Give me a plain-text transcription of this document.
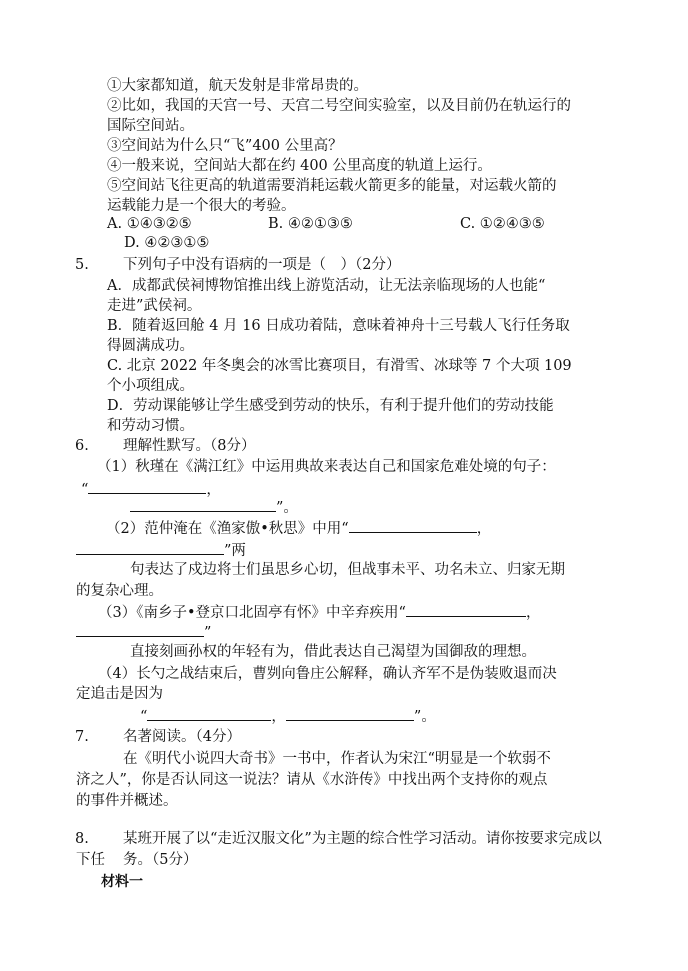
①大家都知道，航天发射是非常昂贵的。
②比如，我国的天宫一号、天宫二号空间实验室，以及目前仍在轨运行的
国际空间站。
③空间站为什么只“飞”400 公里高？
④一般来说，空间站大都在约 400 公里高度的轨道上运行。
⑤空间站飞往更高的轨道需要消耗运载火箭更多的能量，对运载火箭的
运载能力是一个很大的考验。
A. ①④③②⑤	B. ④②①③⑤	C. ①②④③⑤
D. ④②③①⑤
5. 下列句子中没有语病的一项是（　）（2分）
A．成都武侯祠博物馆推出线上游览活动，让无法亲临现场的人也能“
走进”武侯祠。
B．随着返回舱 4 月 16 日成功着陆，意味着神舟十三号载人飞行任务取
得圆满成功。
C. 北京 2022 年冬奥会的冰雪比赛项目，有滑雪、冰球等 7 个大项 109
个小项组成。
D．劳动课能够让学生感受到劳动的快乐，有利于提升他们的劳动技能
和劳动习惯。
6. 理解性默写。（8分）
（1）秋瑾在《满江红》中运用典故来表达自己和国家危难处境的句子：
“	，
”。
（2）范仲淹在《渔家傲•秋思》中用“	，
”两
句表达了戍边将士们虽思乡心切，但战事未平、功名未立、归家无期
的复杂心理。
（3）《南乡子•登京口北固亭有怀》中辛弃疾用“	，
”
直接刻画孙权的年轻有为，借此表达自己渴望为国御敌的理想。
（4）长勺之战结束后，曹刿向鲁庄公解释，确认齐军不是伪装败退而决
定追击是因为
“	，	”。
7. 名著阅读。（4分）
在《明代小说四大奇书》一书中，作者认为宋江“明显是一个软弱不
济之人”，你是否认同这一说法？请从《水浒传》中找出两个支持你的观点
的事件并概述。
8. 某班开展了以“走近汉服文化”为主题的综合性学习活动。请你按要求完成以
下任 务。（5分）
材料一
